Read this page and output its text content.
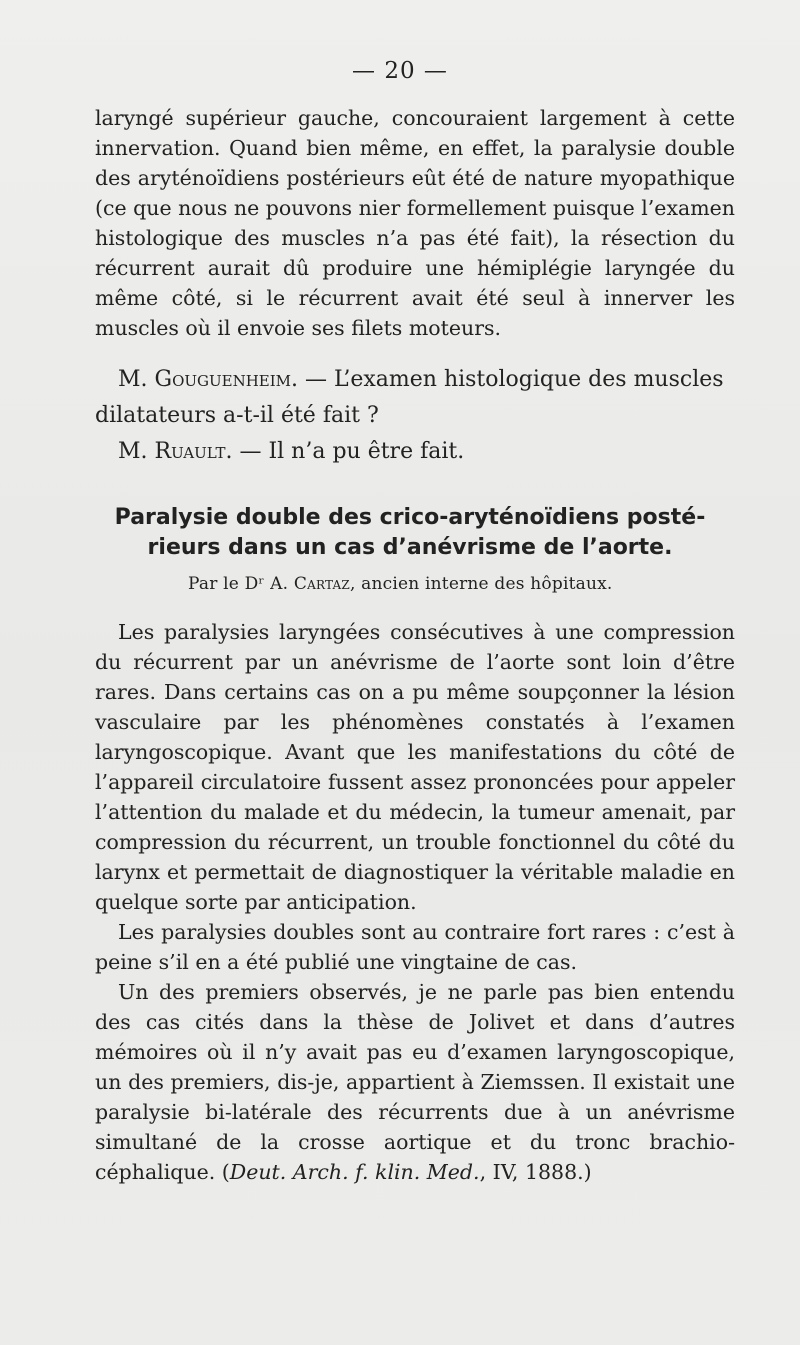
— 20 —

laryngé supérieur gauche, concouraient largement à cette innervation. Quand bien même, en effet, la paralysie double des aryténoïdiens postérieurs eût été de nature myopathique (ce que nous ne pouvons nier formellement puisque l’examen histologique des muscles n’a pas été fait), la résection du récurrent aurait dû produire une hémiplégie laryngée du même côté, si le récurrent avait été seul à innerver les muscles où il envoie ses filets moteurs.

M. Gouguenheim. — L’examen histologique des muscles
dilatateurs a-t-il été fait ?
M. Ruault. — Il n’a pu être fait.
Paralysie double des crico-aryténoïdiens posté-
rieurs dans un cas d’anévrisme de l’aorte.
Par le Dʳ A. Cartaz, ancien interne des hôpitaux.

Les paralysies laryngées consécutives à une compression du récurrent par un anévrisme de l’aorte sont loin d’être rares. Dans certains cas on a pu même soupçonner la lésion vasculaire par les phénomènes constatés à l’examen laryngoscopique. Avant que les manifestations du côté de l’appareil circulatoire fussent assez prononcées pour appeler l’attention du malade et du médecin, la tumeur amenait, par compression du récurrent, un trouble fonctionnel du côté du larynx et permettait de diagnostiquer la véritable maladie en quelque sorte par anticipation.

Les paralysies doubles sont au contraire fort rares : c’est à peine s’il en a été publié une vingtaine de cas.

Un des premiers observés, je ne parle pas bien entendu des cas cités dans la thèse de Jolivet et dans d’autres mémoires où il n’y avait pas eu d’examen laryngoscopique, un des premiers, dis-je, appartient à Ziemssen. Il existait une paralysie bi-latérale des récurrents due à un anévrisme simultané de la crosse aortique et du tronc brachio-céphalique. (Deut. Arch. f. klin. Med., IV, 1888.)
